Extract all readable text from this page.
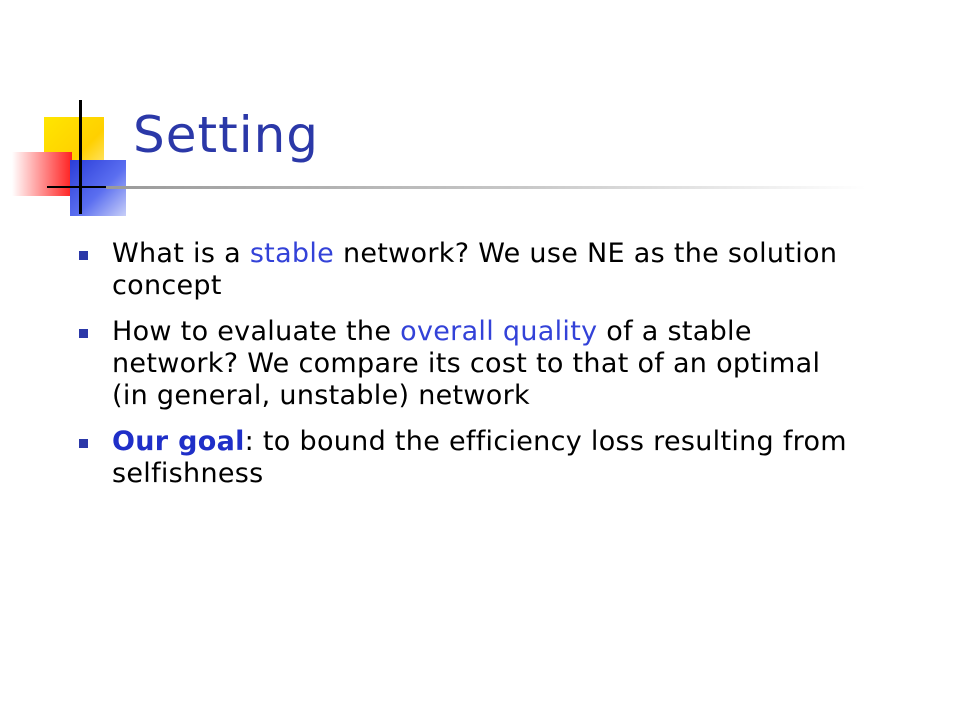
Setting
What is a stable network? We use NE as the solution concept
How to evaluate the overall quality of a stable network? We compare its cost to that of an optimal (in general, unstable) network
Our goal: to bound the efficiency loss resulting from selfishness
